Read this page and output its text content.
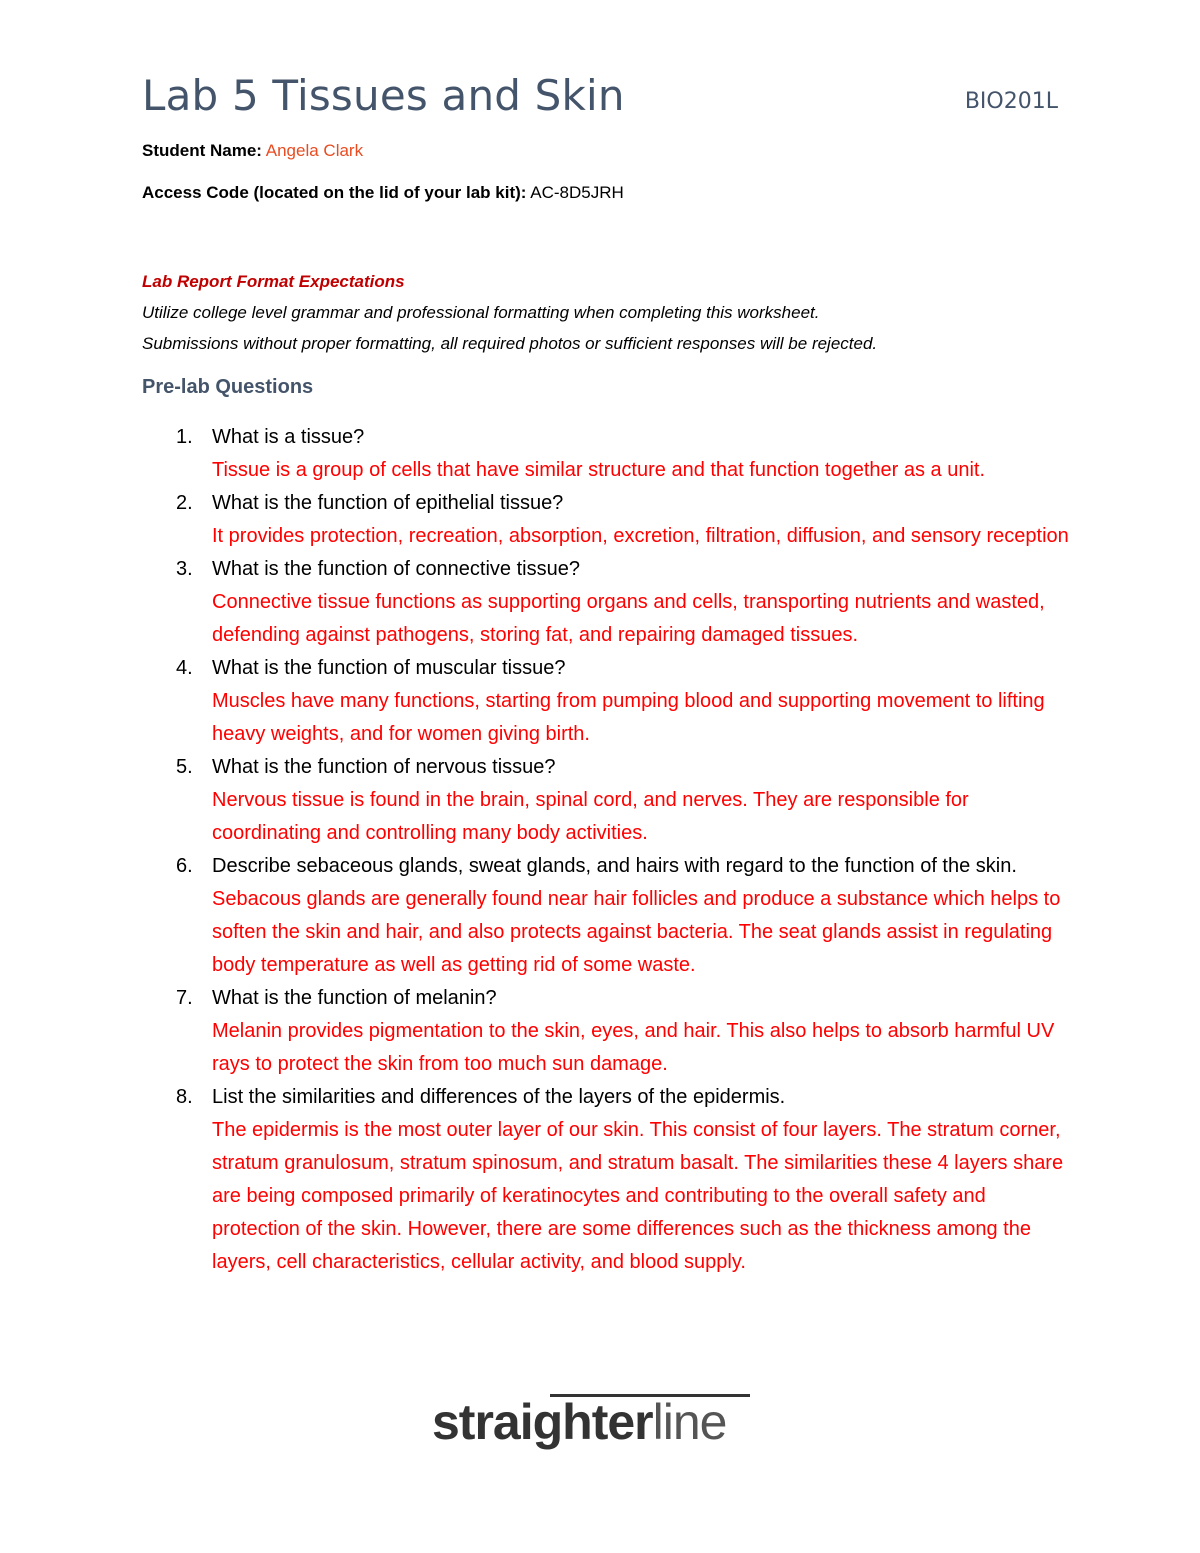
Lab 5 Tissues and Skin	BIO201L
Student Name: Angela Clark
Access Code (located on the lid of your lab kit): AC-8D5JRH
Lab Report Format Expectations
Utilize college level grammar and professional formatting when completing this worksheet.
Submissions without proper formatting, all required photos or sufficient responses will be rejected.
Pre-lab Questions
1. What is a tissue?
Tissue is a group of cells that have similar structure and that function together as a unit.
2. What is the function of epithelial tissue?
It provides protection, recreation, absorption, excretion, filtration, diffusion, and sensory reception
3. What is the function of connective tissue?
Connective tissue functions as supporting organs and cells, transporting nutrients and wasted, defending against pathogens, storing fat, and repairing damaged tissues.
4. What is the function of muscular tissue?
Muscles have many functions, starting from pumping blood and supporting movement to lifting heavy weights, and for women giving birth.
5. What is the function of nervous tissue?
Nervous tissue is found in the brain, spinal cord, and nerves. They are responsible for coordinating and controlling many body activities.
6. Describe sebaceous glands, sweat glands, and hairs with regard to the function of the skin.
Sebacous glands are generally found near hair follicles and produce a substance which helps to soften the skin and hair, and also protects against bacteria. The seat glands assist in regulating body temperature as well as getting rid of some waste.
7. What is the function of melanin?
Melanin provides pigmentation to the skin, eyes, and hair. This also helps to absorb harmful UV rays to protect the skin from too much sun damage.
8. List the similarities and differences of the layers of the epidermis.
The epidermis is the most outer layer of our skin. This consist of four layers. The stratum corner, stratum granulosum, stratum spinosum, and stratum basalt. The similarities these 4 layers share are being composed primarily of keratinocytes and contributing to the overall safety and protection of the skin. However, there are some differences such as the thickness among the layers, cell characteristics, cellular activity, and blood supply.
straighterline
